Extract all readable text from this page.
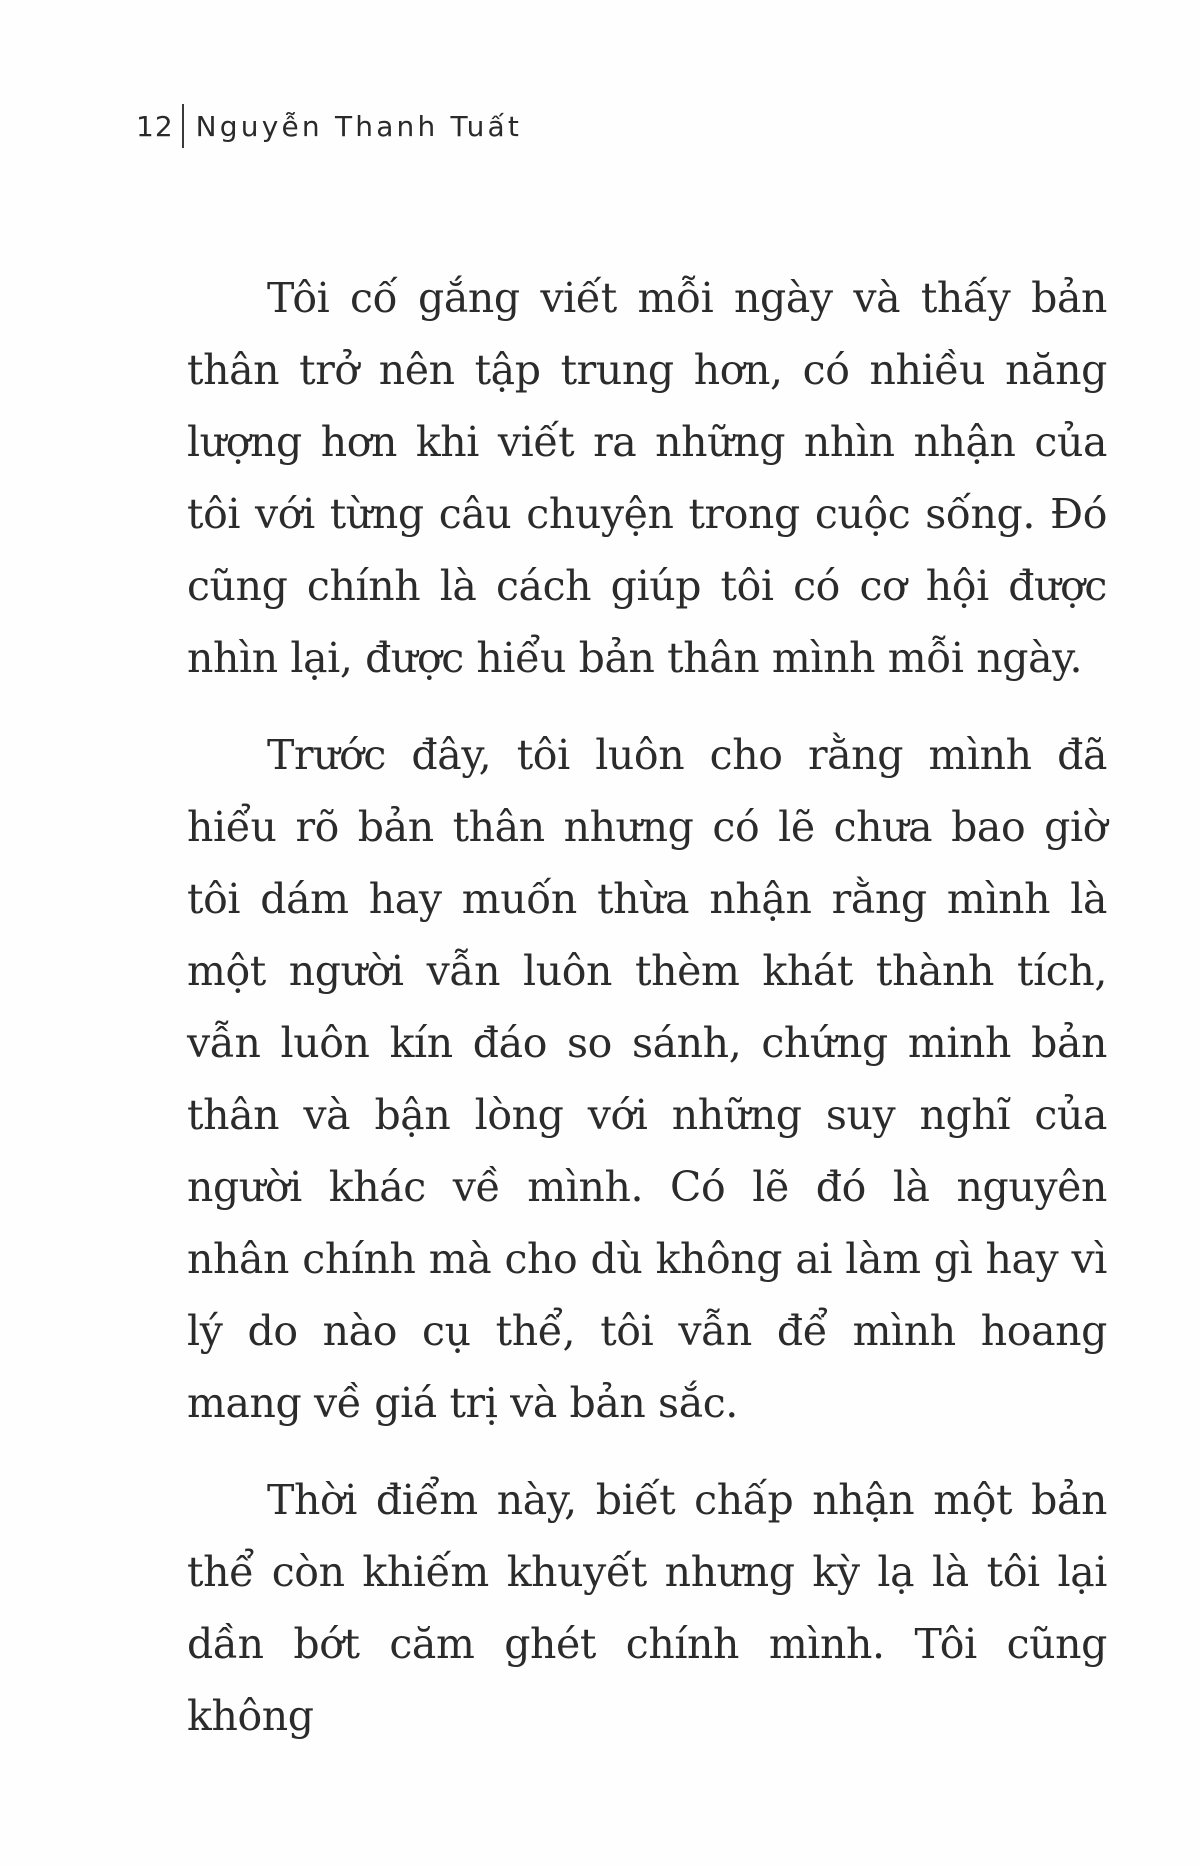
12 Nguyễn Thanh Tuất

Tôi cố gắng viết mỗi ngày và thấy bản thân trở nên tập trung hơn, có nhiều năng lượng hơn khi viết ra những nhìn nhận của tôi với từng câu chuyện trong cuộc sống. Đó cũng chính là cách giúp tôi có cơ hội được nhìn lại, được hiểu bản thân mình mỗi ngày.

Trước đây, tôi luôn cho rằng mình đã hiểu rõ bản thân nhưng có lẽ chưa bao giờ tôi dám hay muốn thừa nhận rằng mình là một người vẫn luôn thèm khát thành tích, vẫn luôn kín đáo so sánh, chứng minh bản thân và bận lòng với những suy nghĩ của người khác về mình. Có lẽ đó là nguyên nhân chính mà cho dù không ai làm gì hay vì lý do nào cụ thể, tôi vẫn để mình hoang mang về giá trị và bản sắc.

Thời điểm này, biết chấp nhận một bản thể còn khiếm khuyết nhưng kỳ lạ là tôi lại dần bớt căm ghét chính mình. Tôi cũng không
